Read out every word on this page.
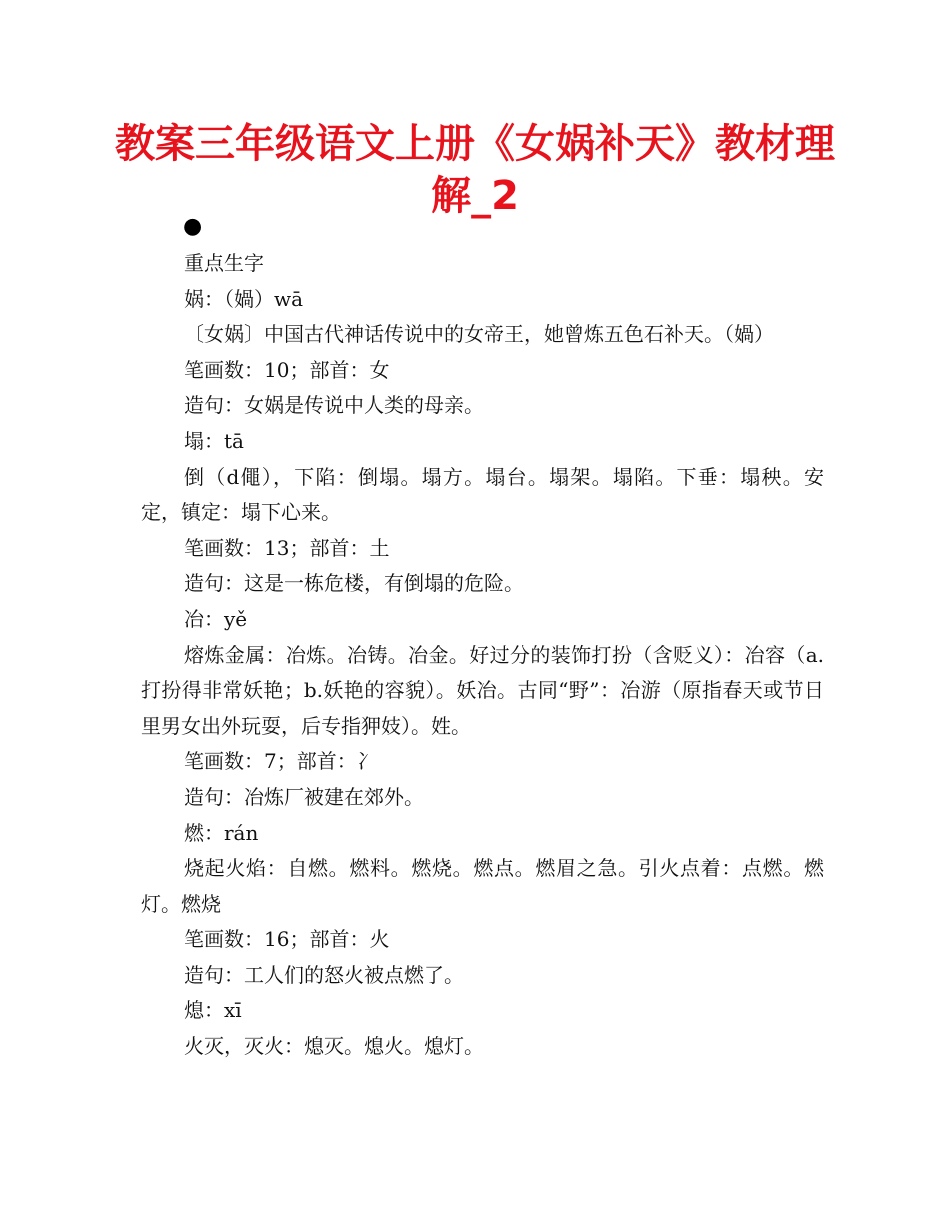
教案三年级语文上册《女娲补天》教材理解_2
●

重点生字

娲：（媧）wā

〔女娲〕中国古代神话传说中的女帝王，她曾炼五色石补天。（媧）

笔画数：10；部首：女

造句：女娲是传说中人类的母亲。

塌：tā

倒（d僶），下陷：倒塌。塌方。塌台。塌架。塌陷。下垂：塌秧。安定，镇定：塌下心来。

笔画数：13；部首：土

造句：这是一栋危楼，有倒塌的危险。

冶：yě

熔炼金属：冶炼。冶铸。冶金。好过分的装饰打扮（含贬义）：冶容（a.打扮得非常妖艳；b.妖艳的容貌）。妖冶。古同“野”：冶游（原指春天或节日里男女出外玩耍，后专指狎妓）。姓。

笔画数：7；部首：冫

造句：冶炼厂被建在郊外。

燃：rán

烧起火焰：自燃。燃料。燃烧。燃点。燃眉之急。引火点着：点燃。燃灯。燃烧

笔画数：16；部首：火

造句：工人们的怒火被点燃了。

熄：xī

火灭，灭火：熄灭。熄火。熄灯。
